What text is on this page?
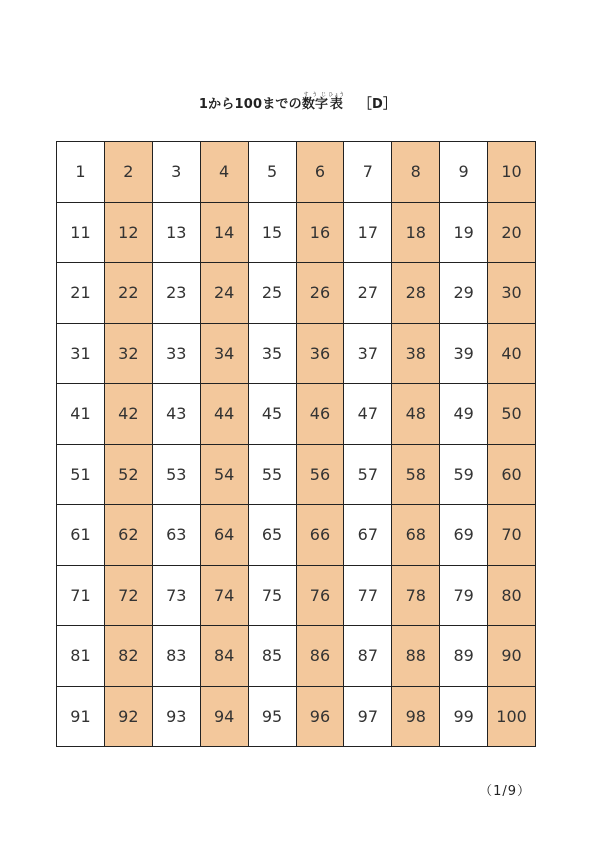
1から100までの数字すうじ表ひょう［D］
1	2	3	4	5	6	7	8	9	10
11	12	13	14	15	16	17	18	19	20
21	22	23	24	25	26	27	28	29	30
31	32	33	34	35	36	37	38	39	40
41	42	43	44	45	46	47	48	49	50
51	52	53	54	55	56	57	58	59	60
61	62	63	64	65	66	67	68	69	70
71	72	73	74	75	76	77	78	79	80
81	82	83	84	85	86	87	88	89	90
91	92	93	94	95	96	97	98	99	100
（1/9）
